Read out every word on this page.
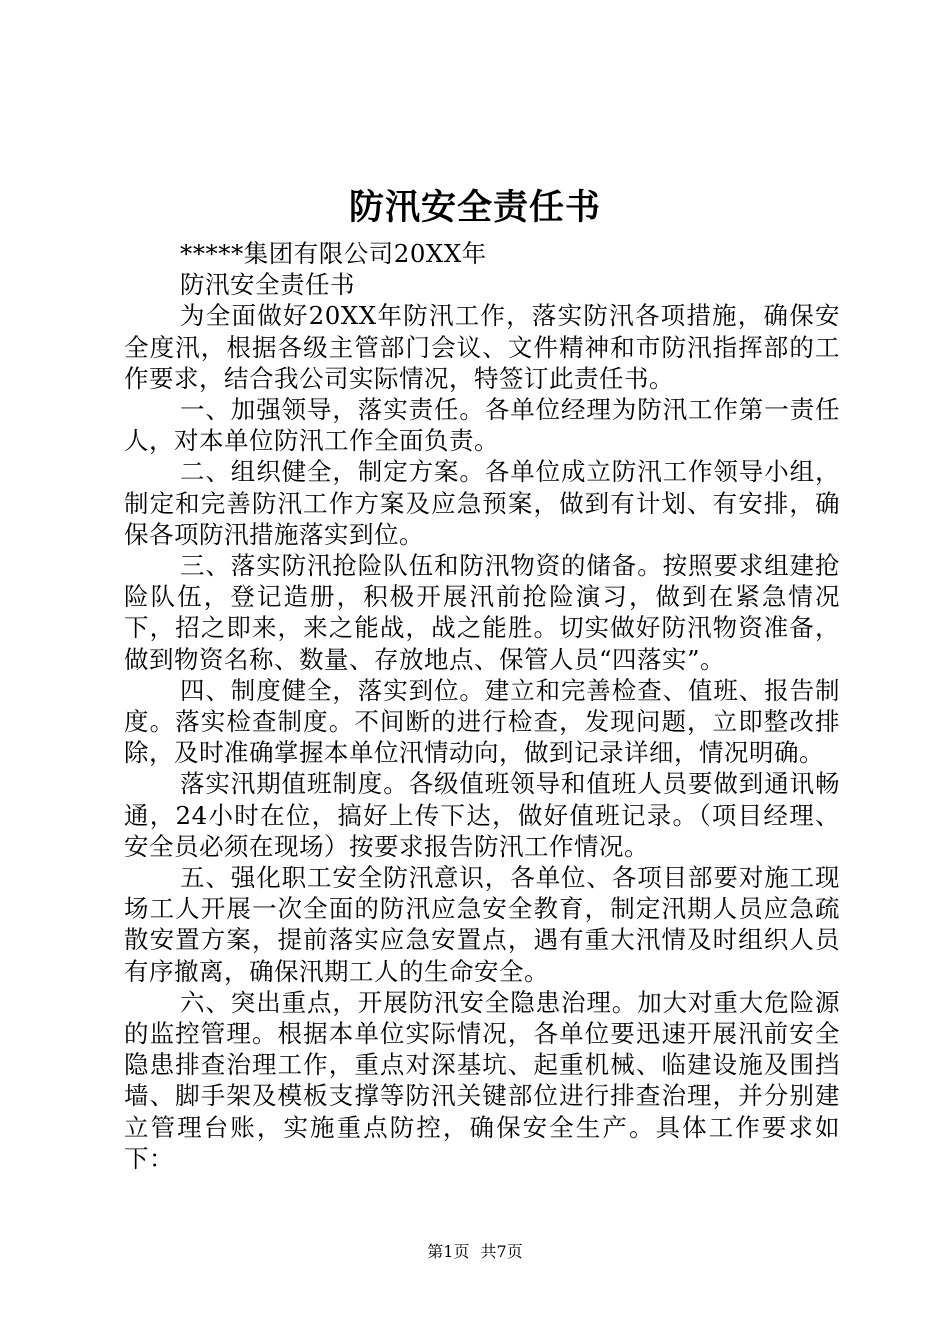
防汛安全责任书

*****集团有限公司20XX年

防汛安全责任书

为全面做好20XX年防汛工作，落实防汛各项措施，确保安全度汛，根据各级主管部门会议、文件精神和市防汛指挥部的工作要求，结合我公司实际情况，特签订此责任书。

一、加强领导，落实责任。各单位经理为防汛工作第一责任人，对本单位防汛工作全面负责。

二、组织健全，制定方案。各单位成立防汛工作领导小组，制定和完善防汛工作方案及应急预案，做到有计划、有安排，确保各项防汛措施落实到位。

三、落实防汛抢险队伍和防汛物资的储备。按照要求组建抢险队伍，登记造册，积极开展汛前抢险演习，做到在紧急情况下，招之即来，来之能战，战之能胜。切实做好防汛物资准备，做到物资名称、数量、存放地点、保管人员“四落实”。

四、制度健全，落实到位。建立和完善检查、值班、报告制度。落实检查制度。不间断的进行检查，发现问题，立即整改排除，及时准确掌握本单位汛情动向，做到记录详细，情况明确。

落实汛期值班制度。各级值班领导和值班人员要做到通讯畅通，24小时在位，搞好上传下达，做好值班记录。（项目经理、安全员必须在现场）按要求报告防汛工作情况。

五、强化职工安全防汛意识，各单位、各项目部要对施工现场工人开展一次全面的防汛应急安全教育，制定汛期人员应急疏散安置方案，提前落实应急安置点，遇有重大汛情及时组织人员有序撤离，确保汛期工人的生命安全。

六、突出重点，开展防汛安全隐患治理。加大对重大危险源的监控管理。根据本单位实际情况，各单位要迅速开展汛前安全隐患排查治理工作，重点对深基坑、起重机械、临建设施及围挡墙、脚手架及模板支撑等防汛关键部位进行排查治理，并分别建立管理台账，实施重点防控，确保安全生产。具体工作要求如下：

第1页 共7页
